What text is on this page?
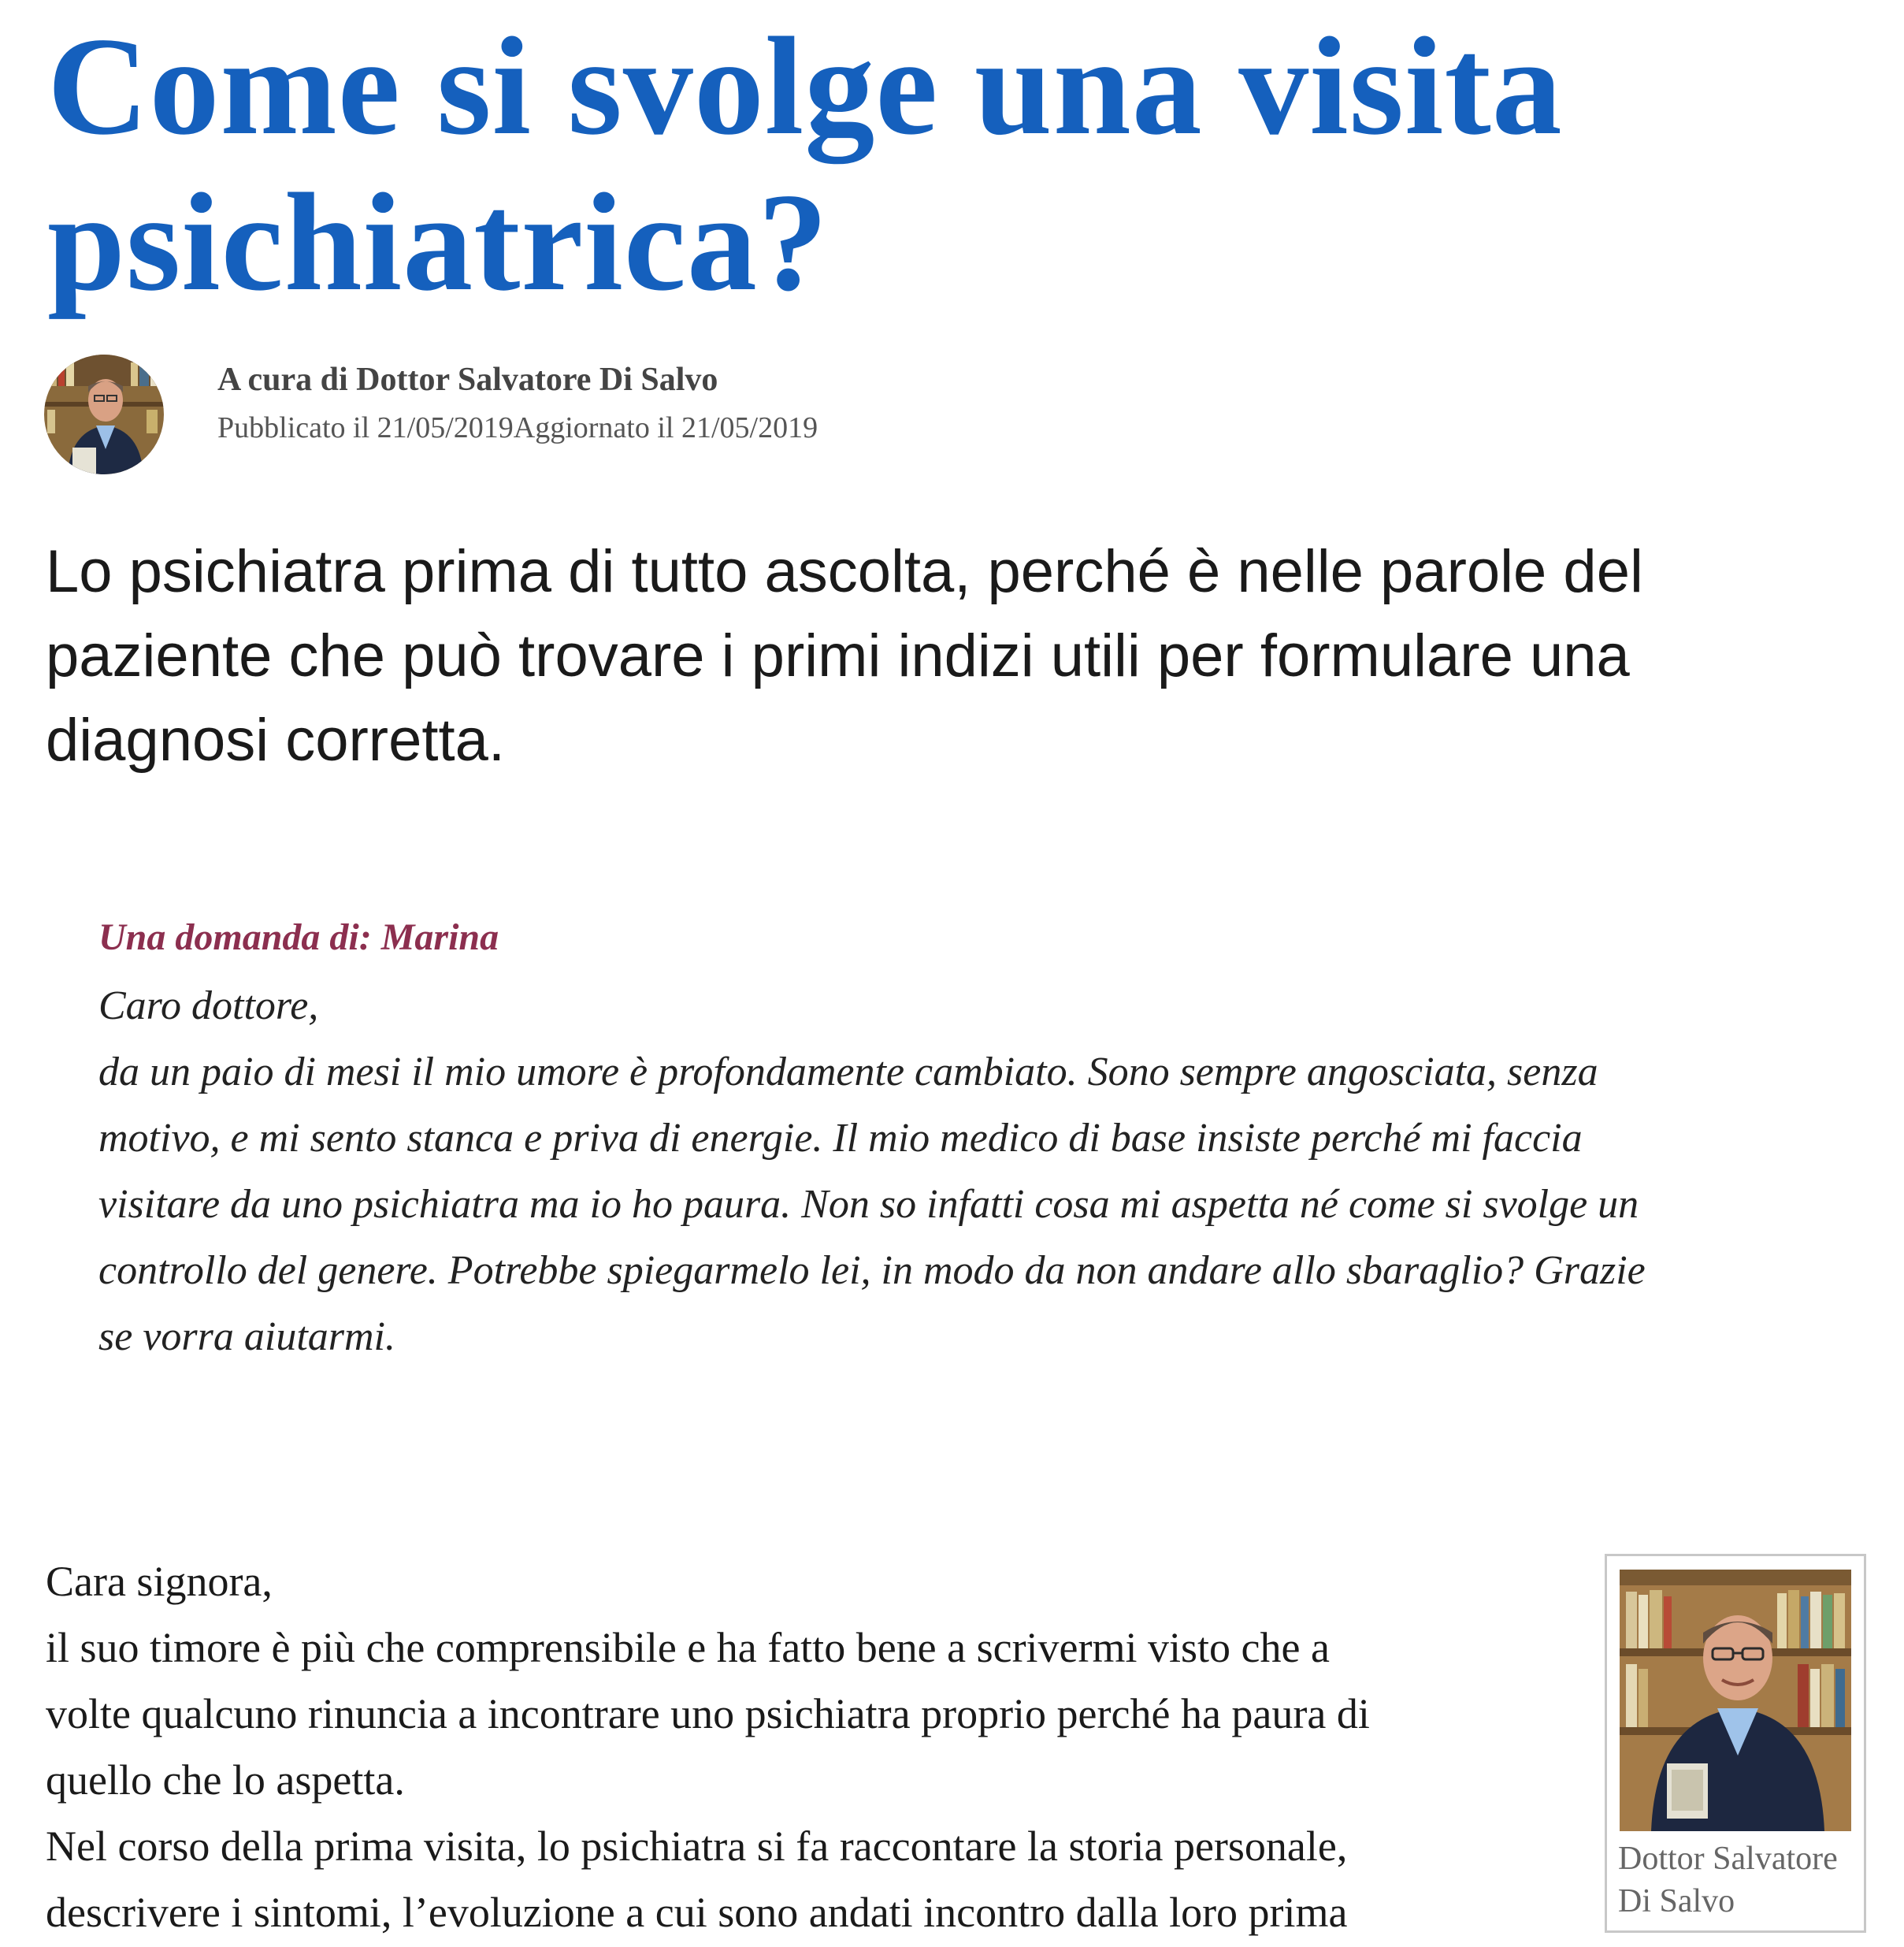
Come si svolge una visita psichiatrica?
A cura di Dottor Salvatore Di Salvo
Pubblicato il 21/05/2019Aggiornato il 21/05/2019

Lo psichiatra prima di tutto ascolta, perché è nelle parole del paziente che può trovare i primi indizi utili per formulare una diagnosi corretta.

Una domanda di: Marina

Caro dottore,
da un paio di mesi il mio umore è profondamente cambiato. Sono sempre angosciata, senza
motivo, e mi sento stanca e priva di energie. Il mio medico di base insiste perché mi faccia
visitare da uno psichiatra ma io ho paura. Non so infatti cosa mi aspetta né come si svolge un
controllo del genere. Potrebbe spiegarmelo lei, in modo da non andare allo sbaraglio? Grazie
se vorra aiutarmi.

Cara signora,
il suo timore è più che comprensibile e ha fatto bene a scrivermi visto che a
volte qualcuno rinuncia a incontrare uno psichiatra proprio perché ha paura di
quello che lo aspetta.
Nel corso della prima visita, lo psichiatra si fa raccontare la storia personale,
descrivere i sintomi, l’evoluzione a cui sono andati incontro dalla loro prima

Dottor Salvatore Di Salvo
